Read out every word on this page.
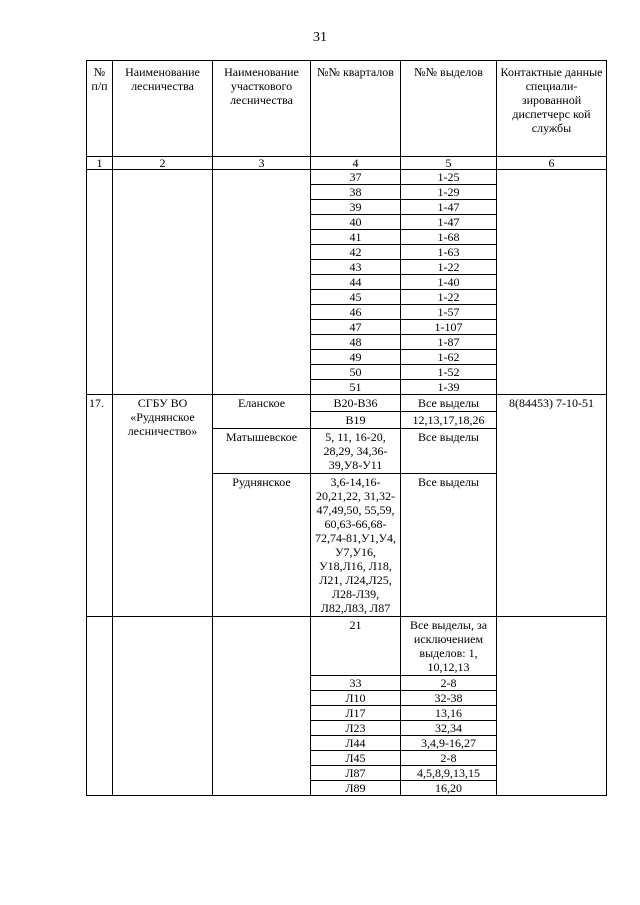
31
№ п/п	Наименование лесничества	Наименование участкового лесничества	№№ кварталов	№№ выделов	Контактные данные специали-зированной диспетчерс кой службы
1	2	3	4	5	6
			37	1-25	
			38	1-29	
			39	1-47	
			40	1-47	
			41	1-68	
			42	1-63	
			43	1-22	
			44	1-40	
			45	1-22	
			46	1-57	
			47	1-107	
			48	1-87	
			49	1-62	
			50	1-52	
			51	1-39	
17.	СГБУ ВО «Руднянское лесничество»	Еланское	В20-В36	Все выделы	8(84453) 7-10-51
			В19	12,13,17,18,26	
		Матышевское	5, 11, 16-20, 28,29, 34,36-39,У8-У11	Все выделы	
		Руднянское	3,6-14,16-20,21,22, 31,32-47,49,50, 55,59, 60,63-66,68-72,74-81,У1,У4, У7,У16, У18,Л16, Л18, Л21, Л24,Л25, Л28-Л39, Л82,Л83, Л87	Все выделы	
			21	Все выделы, за исключением выделов: 1, 10,12,13	
			33	2-8	
			Л10	32-38	
			Л17	13,16	
			Л23	32,34	
			Л44	3,4,9-16,27	
			Л45	2-8	
			Л87	4,5,8,9,13,15	
			Л89	16,20	
